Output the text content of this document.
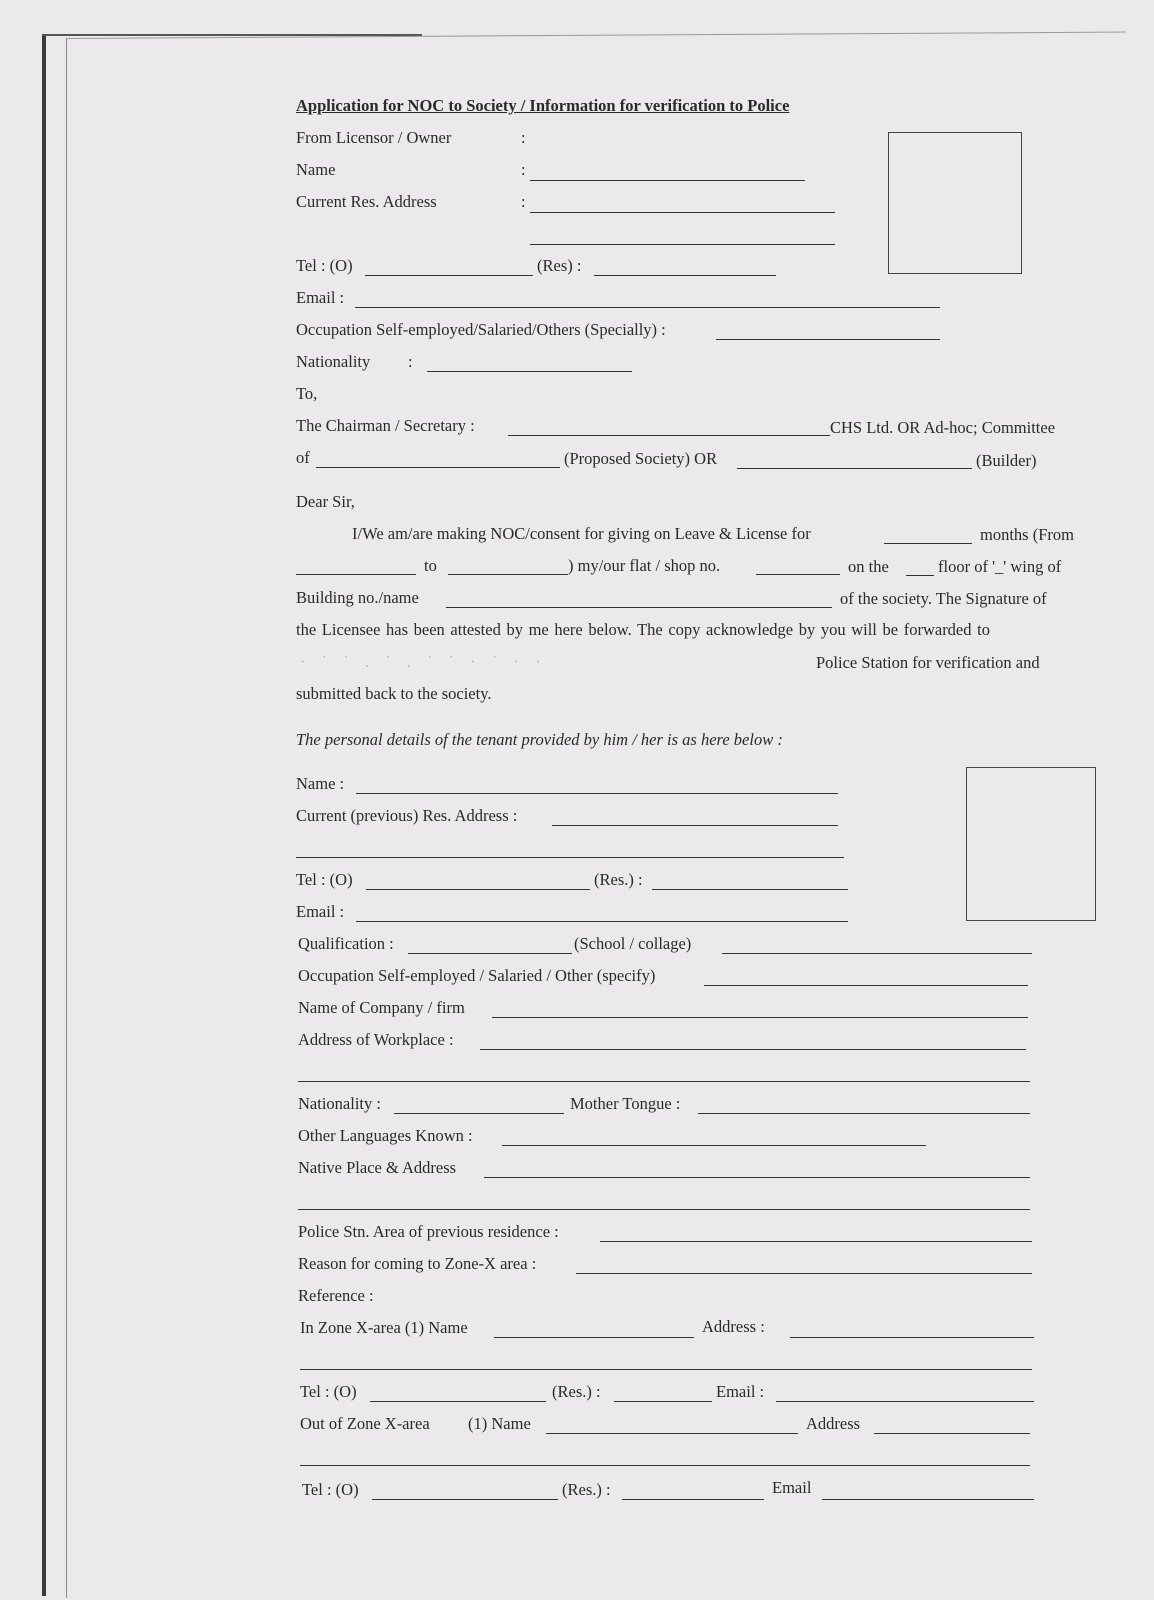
Application for NOC to Society / Information for verification to Police
From Licensor / Owner	:
Name	:
Current Res. Address	:
Tel : (O)	(Res) :
Email :
Occupation Self-employed/Salaried/Others (Specially) :
Nationality :
To,
The Chairman / Secretary :	CHS Ltd. OR Ad-hoc; Committee
of	(Proposed Society) OR	(Builder)
Dear Sir,
I/We am/are making NOC/consent for giving on Leave & License for	months (From
to	) my/our flat / shop no.	on the	floor of '_' wing of
Building no./name	of the society. The Signature of
the Licensee has been attested by me here below. The copy acknowledge by you will be forwarded to
· ˙ ˙ . ˙ . ˙ ˙ · ˙ · ·	Police Station for verification and
submitted back to the society.
The personal details of the tenant provided by him / her is as here below :
Name :
Current (previous) Res. Address :
Tel : (O)	(Res.) :
Email :
Qualification :	(School / collage)
Occupation Self-employed / Salaried / Other (specify)
Name of Company / firm
Address of Workplace :
Nationality :	Mother Tongue :
Other Languages Known :
Native Place & Address
Police Stn. Area of previous residence :
Reason for coming to Zone-X area :
Reference :
In Zone X-area (1) Name	Address :
Tel : (O)	(Res.) :	Email :
Out of Zone X-area (1) Name	Address
Tel : (O)	(Res.) :	Email
